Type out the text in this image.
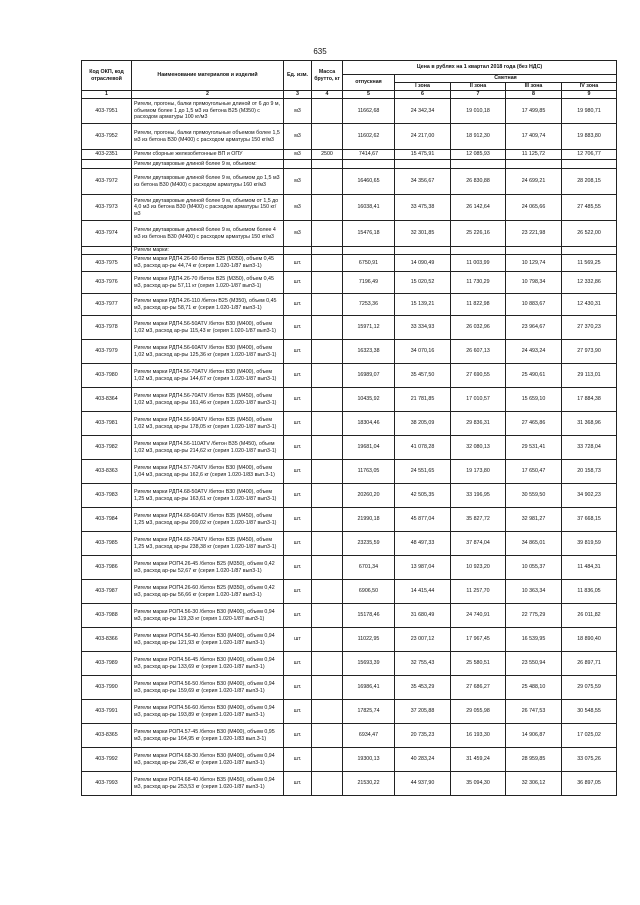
635
Код ОКП, код отраслевой	Наименование материалов и изделий	Ед. изм.	Масса брутто, кг	Цена в рублях на 1 квартал 2018 года (без НДС)				
				отпускная	Сметная			
					I зона	II зона	III зона	IV зона
1	2	3	4	5	6	7	8	9
403-7951	Ригели, прогоны, балки прямоугольные длиной от 6 до 9 м, объемом более 1 до 1,5 м3 из бетона В25 (М350) с расходом арматуры 100 кг/м3	м3		11662,68	24 342,34	19 010,18	17 499,85	19 980,71
403-7952	Ригели, прогоны, балки прямоугольные объемом более 1,5 м3 из бетона В30 (М400) с расходом арматуры 150 кг/м3	м3		11602,62	24 217,00	18 912,30	17 409,74	19 883,80
403-2351	Ригели сборные железобетонные ВП и ОПУ	м3	2500	7414,67	15 475,91	12 085,93	11 125,72	12 706,77
	Ригели двутавровые длиной более 9 м, объемом:							
403-7972	Ригели двутавровые длиной более 9 м, объемом до 1,5 м3 из бетона В30 (М400) с расходом арматуры 160 кг/м3	м3		16460,65	34 356,67	26 830,88	24 699,21	28 208,15
403-7973	Ригели двутавровые длиной более 9 м, объемом от 1,5 до 4,0 м3 из бетона В30 (М400) с расходом арматуры 150 кг/м3	м3		16038,41	33 475,38	26 142,64	24 065,66	27 485,55
403-7974	Ригели двутавровые длиной более 9 м, объемом более 4 м3 из бетона В30 (М400) с расходом арматуры 150 кг/м3	м3		15476,18	32 301,85	25 226,16	23 221,98	26 522,00
	Ригели марки:							
403-7975	Ригели марки РДП4.26-60 /бетон В25 (М350), объем 0,45 м3, расход ар-ры 44,74 кг (серия 1.020-1/87 вып3-1)	шт.		6750,91	14 090,49	11 003,99	10 129,74	11 569,25
403-7976	Ригели марки РДП4.26-70 /бетон В25 (М350), объем 0,45 м3, расход ар-ры 57,11 кг (серия 1.020-1/87 вып3-1)	шт.		7196,49	15 020,52	11 730,29	10 798,34	12 332,86
403-7977	Ригели марки РДП4.26-110 /бетон В25 (М350), объем 0,45 м3, расход ар-ры 58,71 кг (серия 1.020-1/87 вып3-1)	шт.		7253,36	15 139,21	11 822,98	10 883,67	12 430,31
403-7978	Ригели марки РДП4.56-50АТV /бетон В30 (М400), объем 1,02 м3, расход ар-ры 115,43 кг (серия 1.020-1/87 вып3-1)	шт.		15971,12	33 334,93	26 032,96	23 964,67	27 370,23
403-7979	Ригели марки РДП4.56-60АТV /бетон В30 (М400), объем 1,02 м3, расход ар-ры 125,36 кг (серия 1.020-1/87 вып3-1)	шт.		16323,38	34 070,16	26 607,13	24 493,24	27 973,90
403-7980	Ригели марки РДП4.56-70АТV /бетон В30 (М400), объем 1,02 м3, расход ар-ры 144,67 кг (серия 1.020-1/87 вып3-1)	шт.		16989,07	35 457,50	27 690,55	25 490,61	29 113,01
403-8364	Ригели марки РДП4.56-70АТV /бетон В35 (М450), объем 1,02 м3, расход ар-ры 161,46 кг (серия 1.020-1/87 вып3-1)	шт.		10435,92	21 781,85	17 010,57	15 659,10	17 884,38
403-7981	Ригели марки РДП4.56-90АТV /бетон В35 (М450), объем 1,02 м3, расход ар-ры 178,05 кг (серия 1.020-1/87 вып3-1)	шт.		18304,46	38 205,09	29 836,31	27 465,86	31 368,96
403-7982	Ригели марки РДП4.56-110АТV /бетон В35 (М450), объем 1,02 м3, расход ар-ры 214,62 кг (серия 1.020-1/87 вып3-1)	шт.		19681,04	41 078,28	32 080,13	29 531,41	33 728,04
403-8363	Ригели марки РДП4.57-70АТV /бетон В30 (М400), объем 1,04 м3, расход ар-ры 162,6 кг (серия 1.020-1/83 вып.3-1)	шт.		11763,05	24 551,65	19 173,80	17 650,47	20 158,73
403-7983	Ригели марки РДП4.68-50АТV /бетон В30 (М400), объем 1,25 м3, расход ар-ры 163,61 кг (серия 1.020-1/87 вып3-1)	шт.		20260,20	42 505,35	33 196,95	30 559,50	34 902,23
403-7984	Ригели марки РДП4.68-60АТV /бетон В35 (М450), объем 1,25 м3, расход ар-ры 209,02 кг (серия 1.020-1/87 вып3-1)	шт.		21990,18	45 877,04	35 827,72	32 981,27	37 668,15
403-7985	Ригели марки РДП4.68-70АТV /бетон В35 (М450), объем 1,25 м3, расход ар-ры 238,38 кг (серия 1.020-1/87 вып3-1)	шт.		23235,59	48 497,33	37 874,04	34 865,01	39 819,59
403-7986	Ригели марки РОП4.26-45 /бетон В25 (М350), объем 0,42 м3, расход ар-ры 52,67 кг (серия 1.020-1/87 вып3-1)	шт.		6701,34	13 987,04	10 923,20	10 055,37	11 484,31
403-7987	Ригели марки РОП4.26-60 /бетон В25 (М350), объем 0,42 м3, расход ар-ры 56,66 кг (серия 1.020-1/87 вып3-1)	шт.		6906,50	14 415,44	11 257,70	10 363,34	11 836,05
403-7988	Ригели марки РОП4.56-30 /бетон В30 (М400), объем 0,94 м3, расход ар-ры 119,33 кг (серия 1.020-1/87 вып3-1)	шт.		15178,46	31 680,49	24 740,91	22 775,29	26 011,82
403-8366	Ригели марки РОП4.56-40 /бетон В30 (М400), объем 0,94 м3, расход ар-ры 121,93 кг (серия 1.020-1/87 вып3-1)	шт		11022,95	23 007,12	17 967,45	16 539,95	18 890,40
403-7989	Ригели марки РОП4.56-45 /бетон В30 (М400), объем 0,94 м3, расход ар-ры 133,69 кг (серия 1.020-1/87 вып3-1)	шт.		15693,39	32 755,43	25 580,51	23 550,94	26 897,71
403-7990	Ригели марки РОП4.56-50 /бетон В30 (М400), объем 0,94 м3, расход ар-ры 159,69 кг (серия 1.020-1/87 вып3-1)	шт.		16986,41	35 453,29	27 686,27	25 488,10	29 075,59
403-7991	Ригели марки РОП4.56-60 /бетон В30 (М400), объем 0,94 м3, расход ар-ры 193,89 кг (серия 1.020-1/87 вып3-1)	шт.		17825,74	37 205,88	29 055,98	26 747,53	30 548,55
403-8365	Ригели марки РОП4.57-45 /бетон В30 (М400), объем 0,95 м3, расход ар-ры 164,95 кг (серия 1.020-1/83 вып.3-1)	шт.		6934,47	20 735,23	16 193,30	14 906,87	17 025,02
403-7992	Ригели марки РОП4.68-30 /бетон В30 (М400), объем 0,94 м3, расход ар-ры 236,42 кг (серия 1.020-1/87 вып3-1)	шт.		19300,13	40 283,24	31 459,24	28 959,85	33 075,26
403-7993	Ригели марки РОП4.68-40 /бетон В35 (М450), объем 0,94 м3, расход ар-ры 253,53 кг (серия 1.020-1/87 вып3-1)	шт.		21530,22	44 937,90	35 094,30	32 306,12	36 897,05
